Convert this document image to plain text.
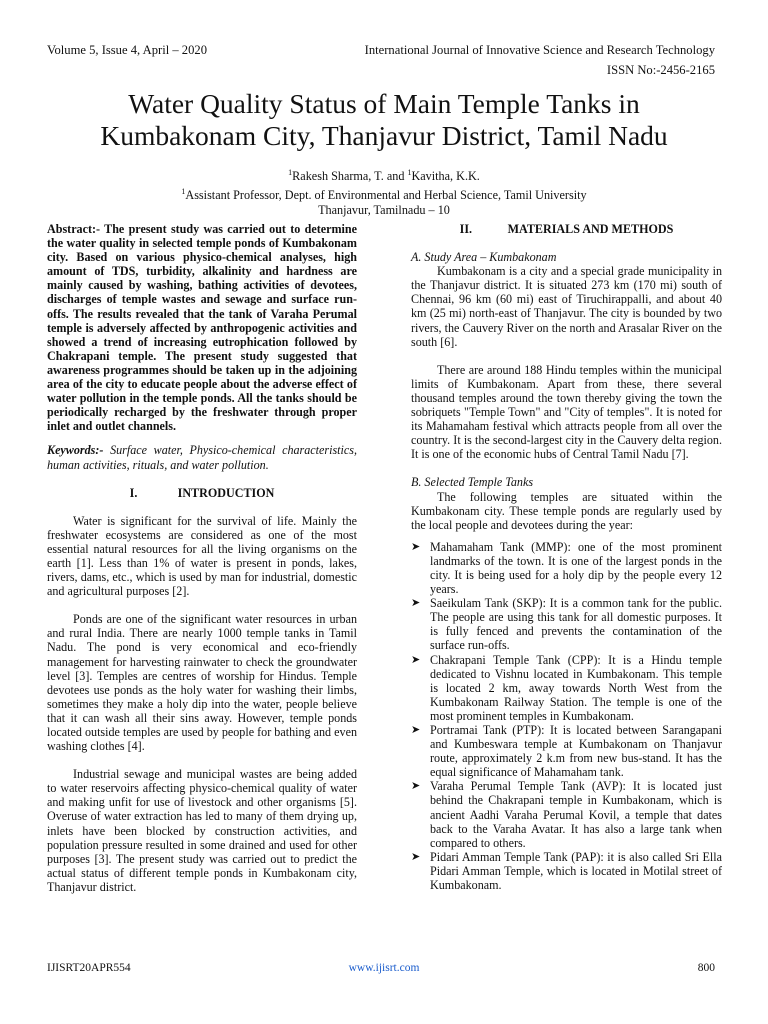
Volume 5, Issue 4, April – 2020	International Journal of Innovative Science and Research Technology
ISSN No:-2456-2165
Water Quality Status of Main Temple Tanks in
Kumbakonam City, Thanjavur District, Tamil Nadu
$^1$Rakesh Sharma, T. and $^1$Kavitha, K.K.
$^1$Assistant Professor, Dept. of Environmental and Herbal Science, Tamil University
Thanjavur, Tamilnadu – 10

Abstract:- The present study was carried out to determine the water quality in selected temple ponds of Kumbakonam city. Based on various physico-chemical analyses, high amount of TDS, turbidity, alkalinity and hardness are mainly caused by washing, bathing activities of devotees, discharges of temple wastes and sewage and surface run-offs. The results revealed that the tank of Varaha Perumal temple is adversely affected by anthropogenic activities and showed a trend of increasing eutrophication followed by Chakrapani temple. The present study suggested that awareness programmes should be taken up in the adjoining area of the city to educate people about the adverse effect of water pollution in the temple ponds. All the tanks should be periodically recharged by the freshwater through proper inlet and outlet channels.

Keywords:- Surface water, Physico-chemical characteristics, human activities, rituals, and water pollution.

I.	INTRODUCTION

Water is significant for the survival of life. Mainly the freshwater ecosystems are considered as one of the most essential natural resources for all the living organisms on the earth [1]. Less than 1% of water is present in ponds, lakes, rivers, dams, etc., which is used by man for industrial, domestic and agricultural purposes [2].

Ponds are one of the significant water resources in urban and rural India. There are nearly 1000 temple tanks in Tamil Nadu. The pond is very economical and eco-friendly management for harvesting rainwater to check the groundwater level [3]. Temples are centres of worship for Hindus. Temple devotees use ponds as the holy water for washing their limbs, sometimes they make a holy dip into the water, people believe that it can wash all their sins away. However, temple ponds located outside temples are used by people for bathing and even washing clothes [4].

Industrial sewage and municipal wastes are being added to water reservoirs affecting physico-chemical quality of water and making unfit for use of livestock and other organisms [5]. Overuse of water extraction has led to many of them drying up, inlets have been blocked by construction activities, and population pressure resulted in some drained and used for other purposes [3]. The present study was carried out to predict the actual status of different temple ponds in Kumbakonam city, Thanjavur district.

II.	MATERIALS AND METHODS

A. Study Area – Kumbakonam

Kumbakonam is a city and a special grade municipality in the Thanjavur district. It is situated 273 km (170 mi) south of Chennai, 96 km (60 mi) east of Tiruchirappalli, and about 40 km (25 mi) north-east of Thanjavur. The city is bounded by two rivers, the Cauvery River on the north and Arasalar River on the south [6].

There are around 188 Hindu temples within the municipal limits of Kumbakonam. Apart from these, there several thousand temples around the town thereby giving the town the sobriquets "Temple Town" and "City of temples". It is noted for its Mahamaham festival which attracts people from all over the country. It is the second-largest city in the Cauvery delta region. It is one of the economic hubs of Central Tamil Nadu [7].

B. Selected Temple Tanks

The following temples are situated within the Kumbakonam city. These temple ponds are regularly used by the local people and devotees during the year:

➤ Mahamaham Tank (MMP): one of the most prominent landmarks of the town. It is one of the largest ponds in the city. It is being used for a holy dip by the people every 12 years.
➤ Saeikulam Tank (SKP): It is a common tank for the public. The people are using this tank for all domestic purposes. It is fully fenced and prevents the contamination of the surface run-offs.
➤ Chakrapani Temple Tank (CPP): It is a Hindu temple dedicated to Vishnu located in Kumbakonam. This temple is located 2 km, away towards North West from the Kumbakonam Railway Station. The temple is one of the most prominent temples in Kumbakonam.
➤ Portramai Tank (PTP): It is located between Sarangapani and Kumbeswara temple at Kumbakonam on Thanjavur route, approximately 2 k.m from new bus-stand. It has the equal significance of Mahamaham tank.
➤ Varaha Perumal Temple Tank (AVP): It is located just behind the Chakrapani temple in Kumbakonam, which is ancient Aadhi Varaha Perumal Kovil, a temple that dates back to the Varaha Avatar. It has also a large tank when compared to others.
➤ Pidari Amman Temple Tank (PAP): it is also called Sri Ella Pidari Amman Temple, which is located in Motilal street of Kumbakonam.
IJISRT20APR554	www.ijisrt.com	800
